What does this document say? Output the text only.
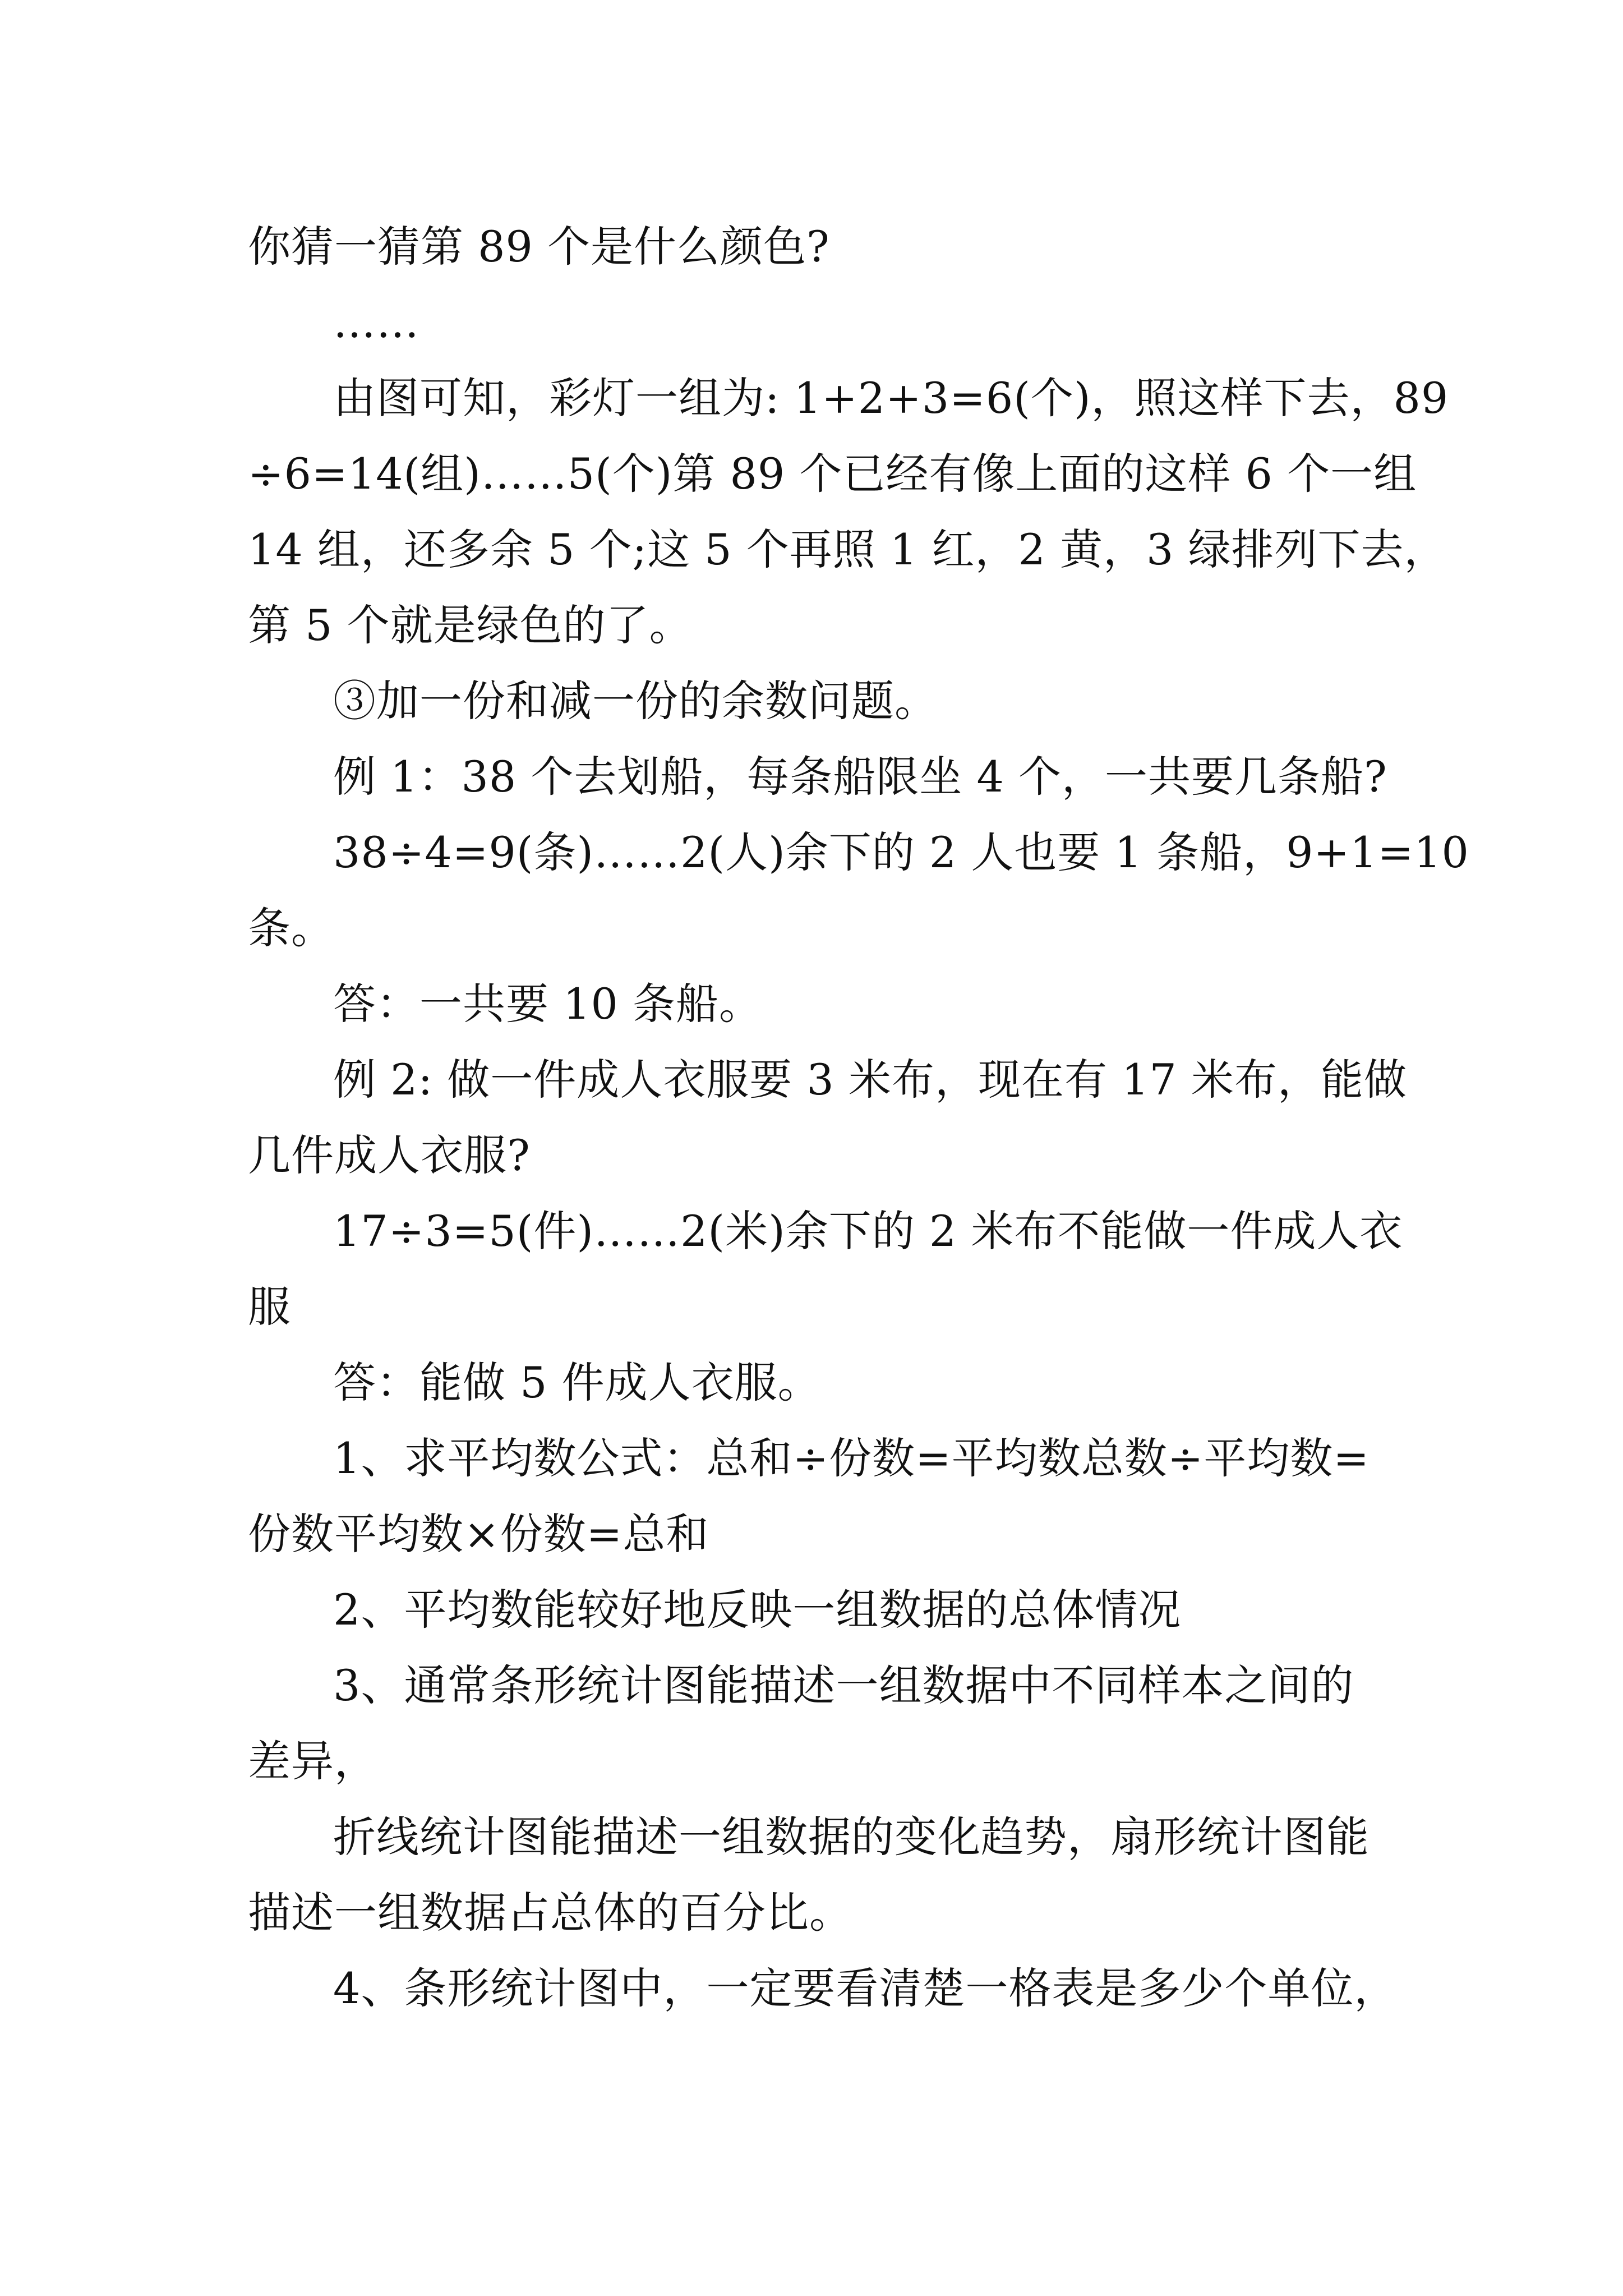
你猜一猜第 89 个是什么颜色?
……
由图可知，彩灯一组为: 1+2+3=6(个)，照这样下去，89
÷6=14(组)……5(个)第 89 个已经有像上面的这样 6 个一组
14 组，还多余 5 个;这 5 个再照 1 红，2 黄，3 绿排列下去，
第 5 个就是绿色的了。
③加一份和减一份的余数问题。
例 1：38 个去划船，每条船限坐 4 个，一共要几条船?
38÷4=9(条)……2(人)余下的 2 人也要 1 条船，9+1=10
条。
答：一共要 10 条船。
例 2: 做一件成人衣服要 3 米布，现在有 17 米布，能做
几件成人衣服?
17÷3=5(件)……2(米)余下的 2 米布不能做一件成人衣
服
答：能做 5 件成人衣服。
1、求平均数公式：总和÷份数=平均数总数÷平均数=
份数平均数×份数=总和
2、平均数能较好地反映一组数据的总体情况
3、通常条形统计图能描述一组数据中不同样本之间的
差异，
折线统计图能描述一组数据的变化趋势，扇形统计图能
描述一组数据占总体的百分比。
4、条形统计图中，一定要看清楚一格表是多少个单位，
